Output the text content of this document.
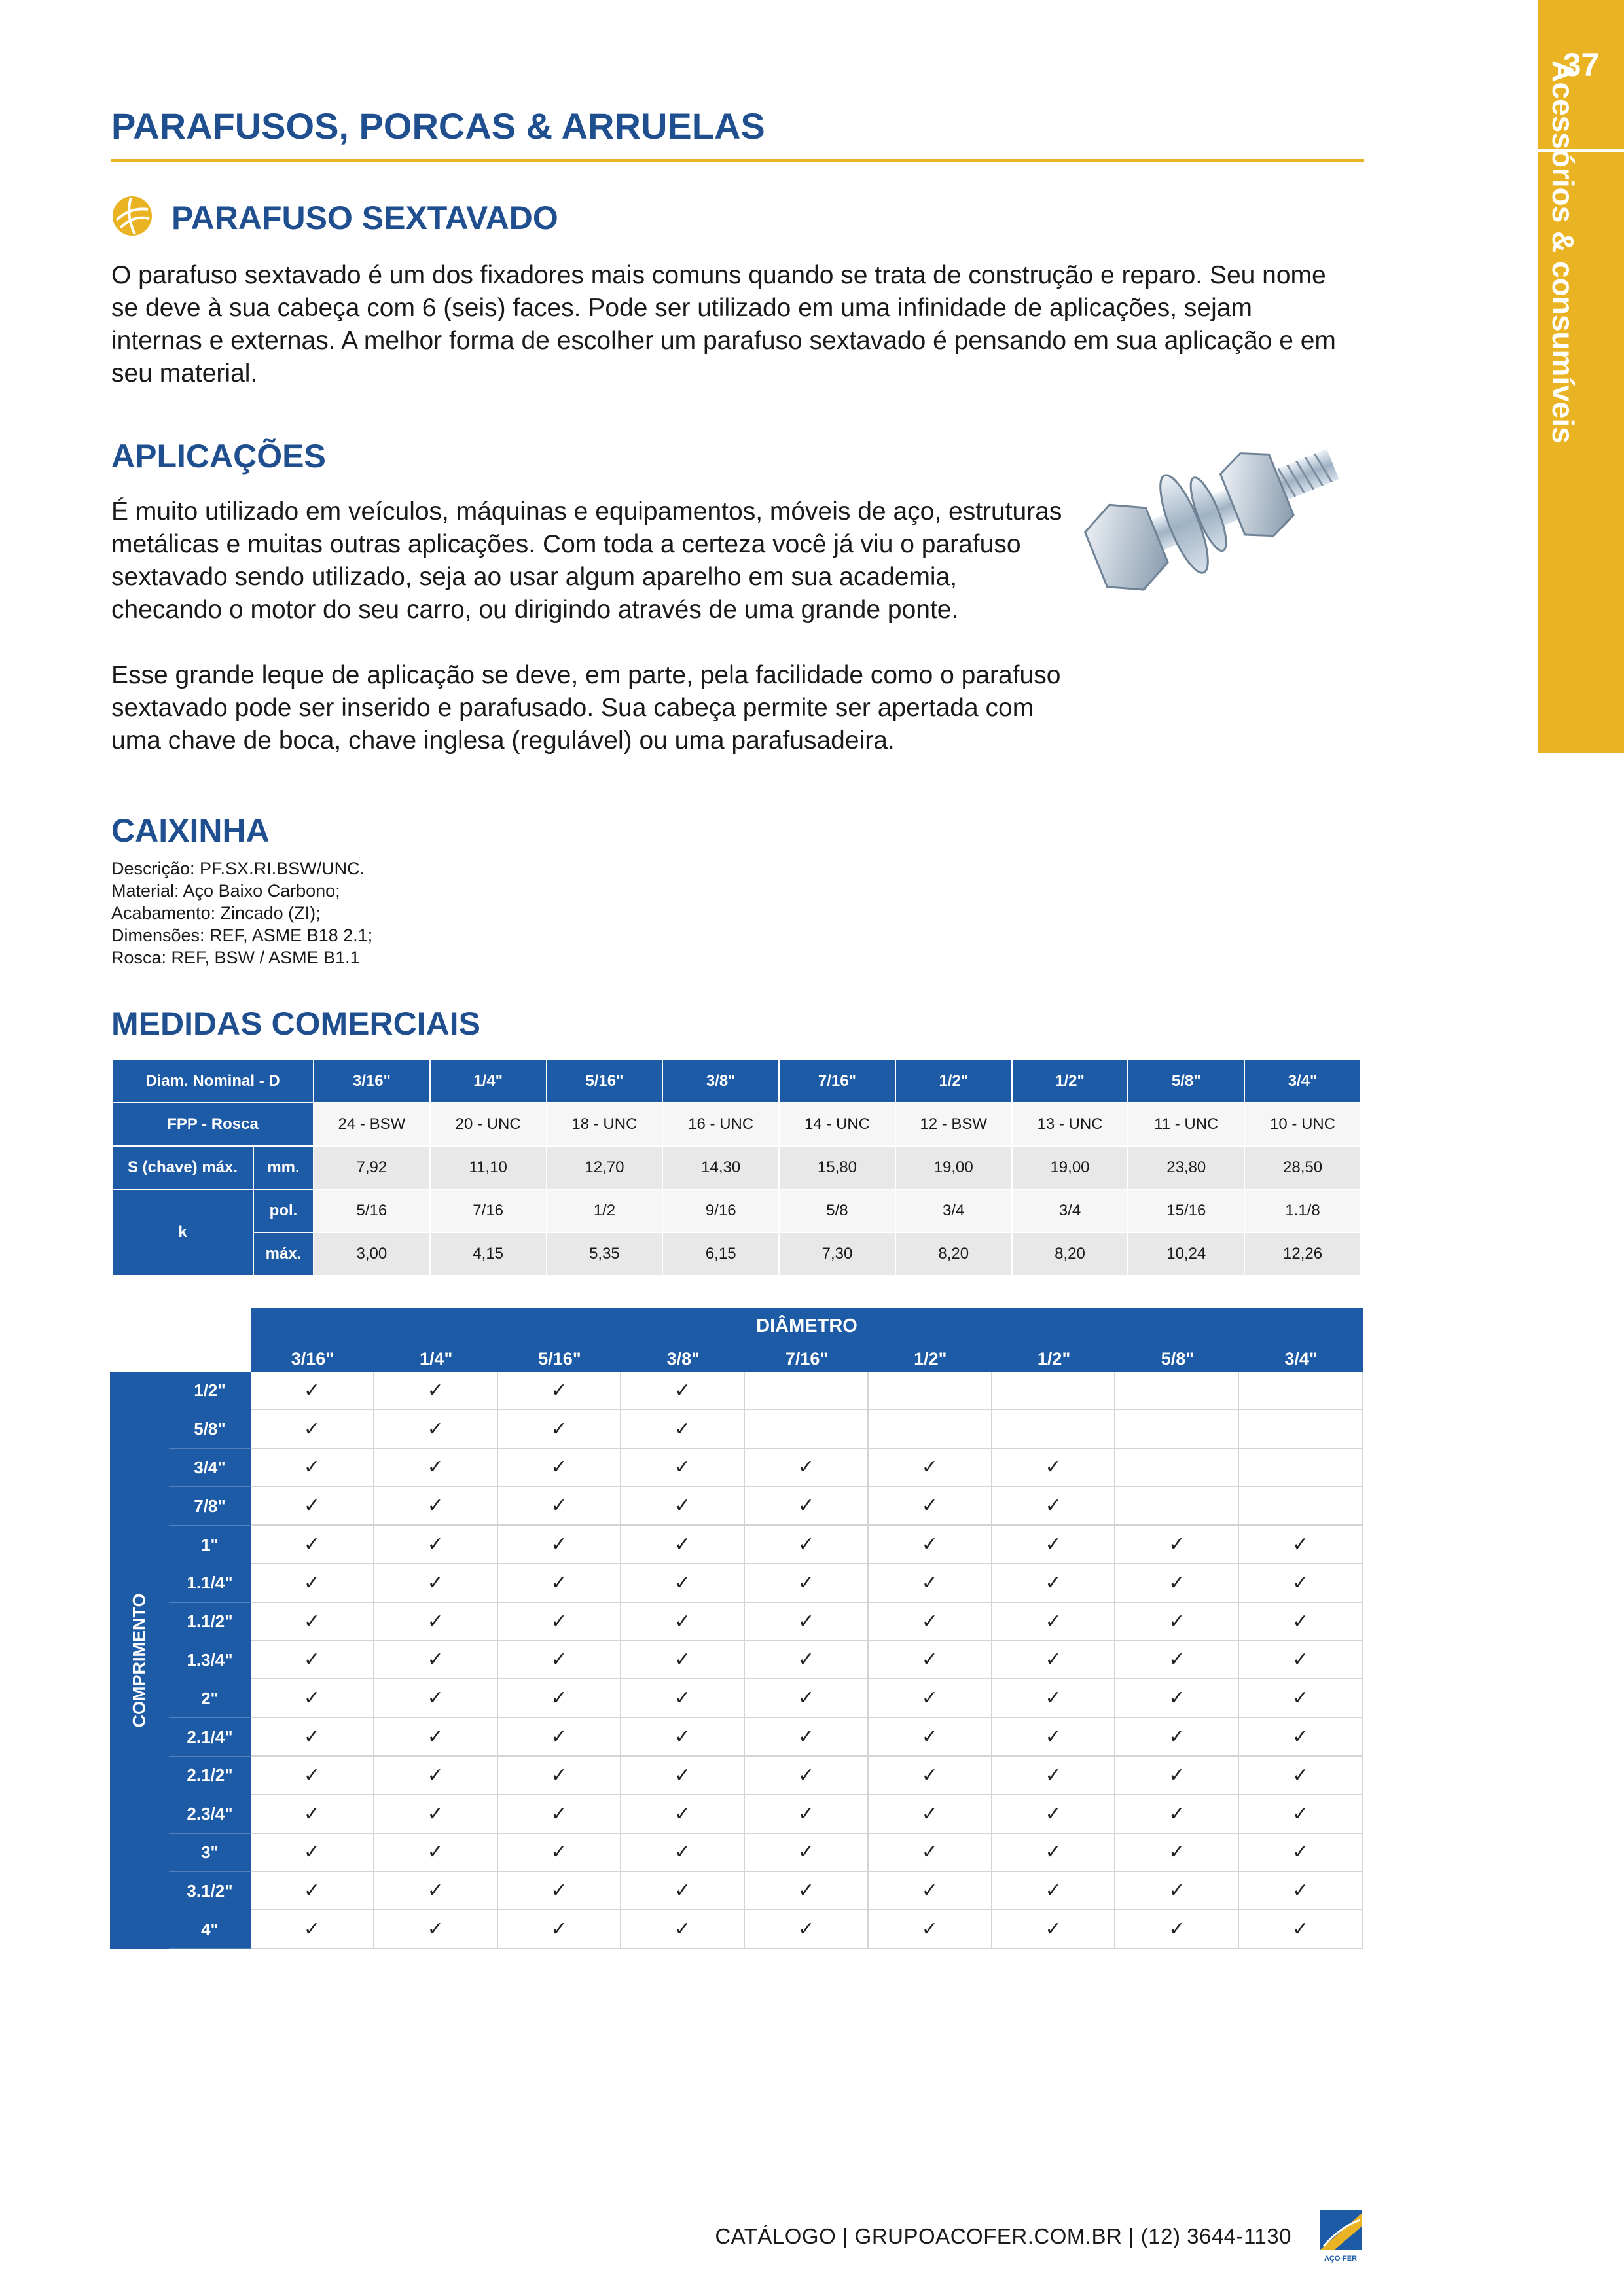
37
Acessórios & consumíveis
PARAFUSOS, PORCAS & ARRUELAS
PARAFUSO SEXTAVADO
O parafuso sextavado é um dos fixadores mais comuns quando se trata de construção e reparo. Seu nome se deve à sua cabeça com 6 (seis) faces. Pode ser utilizado em uma infinidade de aplicações, sejam internas e externas. A melhor forma de escolher um parafuso sextavado é pensando em sua aplicação e em seu material.
APLICAÇÕES
É muito utilizado em veículos, máquinas e equipamentos, móveis de aço, estruturas metálicas e muitas outras aplicações. Com toda a certeza você já viu o parafuso sextavado sendo utilizado, seja ao usar algum aparelho em sua academia, checando o motor do seu carro, ou dirigindo através de uma grande ponte.
Esse grande leque de aplicação se deve, em parte, pela facilidade como o parafuso sextavado pode ser inserido e parafusado. Sua cabeça permite ser apertada com uma chave de boca, chave inglesa (regulável) ou uma parafusadeira.
CAIXINHA
Descrição: PF.SX.RI.BSW/UNC.
Material: Aço Baixo Carbono;
Acabamento: Zincado (ZI);
Dimensões: REF, ASME B18 2.1;
Rosca: REF, BSW / ASME B1.1
MEDIDAS COMERCIAIS
Diam. Nominal - D		3/16"	1/4"	5/16"	3/8"	7/16"	1/2"	1/2"	5/8"	3/4"
FPP - Rosca		24 - BSW	20 - UNC	18 - UNC	16 - UNC	14 - UNC	12 - BSW	13 - UNC	11 - UNC	10 - UNC
S (chave) máx.	mm.	7,92	11,10	12,70	14,30	15,80	19,00	19,00	23,80	28,50
k	pol.	5/16	7/16	1/2	9/16	5/8	3/4	3/4	15/16	1.1/8
	máx.	3,00	4,15	5,35	6,15	7,30	8,20	8,20	10,24	12,26
DIÂMETRO
3/16"	1/4"	5/16"	3/8"	7/16"	1/2"	1/2"	5/8"	3/4"
COMPRIMENTO
1/2"	✓	✓	✓	✓
5/8"	✓	✓	✓	✓
3/4"	✓	✓	✓	✓	✓	✓	✓
7/8"	✓	✓	✓	✓	✓	✓	✓
1"	✓	✓	✓	✓	✓	✓	✓	✓	✓
1.1/4"	✓	✓	✓	✓	✓	✓	✓	✓	✓
1.1/2"	✓	✓	✓	✓	✓	✓	✓	✓	✓
1.3/4"	✓	✓	✓	✓	✓	✓	✓	✓	✓
2"	✓	✓	✓	✓	✓	✓	✓	✓	✓
2.1/4"	✓	✓	✓	✓	✓	✓	✓	✓	✓
2.1/2"	✓	✓	✓	✓	✓	✓	✓	✓	✓
2.3/4"	✓	✓	✓	✓	✓	✓	✓	✓	✓
3"	✓	✓	✓	✓	✓	✓	✓	✓	✓
3.1/2"	✓	✓	✓	✓	✓	✓	✓	✓	✓
4"	✓	✓	✓	✓	✓	✓	✓	✓	✓
CATÁLOGO | GRUPOACOFER.COM.BR | (12) 3644-1130
AÇO-FER
